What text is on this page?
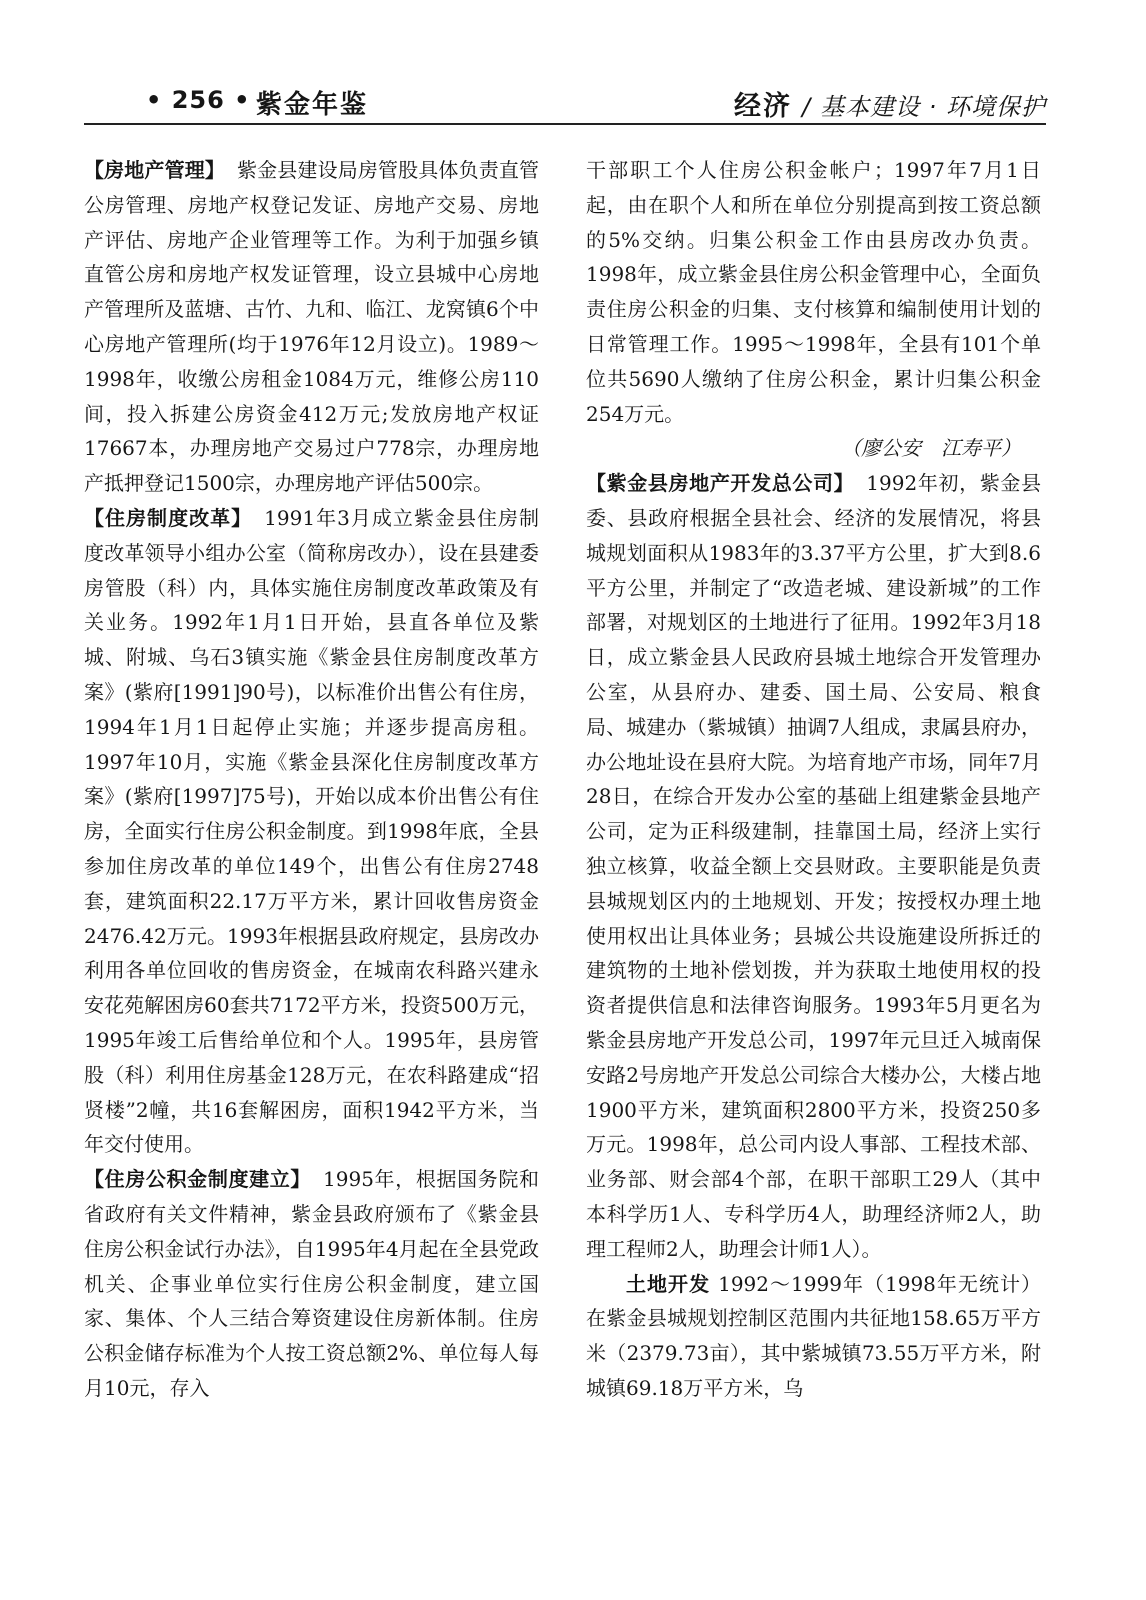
• 256 • 紫金年鉴	经济 / 基本建设 · 环境保护

【房地产管理】 紫金县建设局房管股具体负责直管公房管理、房地产权登记发证、房地产交易、房地产评估、房地产企业管理等工作。为利于加强乡镇直管公房和房地产权发证管理，设立县城中心房地产管理所及蓝塘、古竹、九和、临江、龙窝镇6个中心房地产管理所(均于1976年12月设立)。1989～1998年，收缴公房租金1084万元，维修公房110间，投入拆建公房资金412万元;发放房地产权证17667本，办理房地产交易过户778宗，办理房地产抵押登记1500宗，办理房地产评估500宗。

【住房制度改革】 1991年3月成立紫金县住房制度改革领导小组办公室（简称房改办），设在县建委房管股（科）内，具体实施住房制度改革政策及有关业务。1992年1月1日开始，县直各单位及紫城、附城、乌石3镇实施《紫金县住房制度改革方案》(紫府[1991]90号)，以标准价出售公有住房，1994年1月1日起停止实施；并逐步提高房租。1997年10月，实施《紫金县深化住房制度改革方案》(紫府[1997]75号)，开始以成本价出售公有住房，全面实行住房公积金制度。到1998年底，全县参加住房改革的单位149个，出售公有住房2748套，建筑面积22.17万平方米，累计回收售房资金2476.42万元。1993年根据县政府规定，县房改办利用各单位回收的售房资金，在城南农科路兴建永安花苑解困房60套共7172平方米，投资500万元，1995年竣工后售给单位和个人。1995年，县房管股（科）利用住房基金128万元，在农科路建成“招贤楼”2幢，共16套解困房，面积1942平方米，当年交付使用。

【住房公积金制度建立】 1995年，根据国务院和省政府有关文件精神，紫金县政府颁布了《紫金县住房公积金试行办法》，自1995年4月起在全县党政机关、企事业单位实行住房公积金制度，建立国家、集体、个人三结合筹资建设住房新体制。住房公积金储存标准为个人按工资总额2%、单位每人每月10元，存入

干部职工个人住房公积金帐户；1997年7月1日起，由在职个人和所在单位分别提高到按工资总额的5%交纳。归集公积金工作由县房改办负责。1998年，成立紫金县住房公积金管理中心，全面负责住房公积金的归集、支付核算和编制使用计划的日常管理工作。1995～1998年，全县有101个单位共5690人缴纳了住房公积金，累计归集公积金254万元。

（廖公安　江寿平）

【紫金县房地产开发总公司】 1992年初，紫金县委、县政府根据全县社会、经济的发展情况，将县城规划面积从1983年的3.37平方公里，扩大到8.6平方公里，并制定了“改造老城、建设新城”的工作部署，对规划区的土地进行了征用。1992年3月18日，成立紫金县人民政府县城土地综合开发管理办公室，从县府办、建委、国土局、公安局、粮食局、城建办（紫城镇）抽调7人组成，隶属县府办，办公地址设在县府大院。为培育地产市场，同年7月28日，在综合开发办公室的基础上组建紫金县地产公司，定为正科级建制，挂靠国土局，经济上实行独立核算，收益全额上交县财政。主要职能是负责县城规划区内的土地规划、开发；按授权办理土地使用权出让具体业务；县城公共设施建设所拆迁的建筑物的土地补偿划拨，并为获取土地使用权的投资者提供信息和法律咨询服务。1993年5月更名为紫金县房地产开发总公司，1997年元旦迁入城南保安路2号房地产开发总公司综合大楼办公，大楼占地1900平方米，建筑面积2800平方米，投资250多万元。1998年，总公司内设人事部、工程技术部、业务部、财会部4个部，在职干部职工29人（其中本科学历1人、专科学历4人，助理经济师2人，助理工程师2人，助理会计师1人）。

土地开发 1992～1999年（1998年无统计）在紫金县城规划控制区范围内共征地158.65万平方米（2379.73亩），其中紫城镇73.55万平方米，附城镇69.18万平方米，乌
